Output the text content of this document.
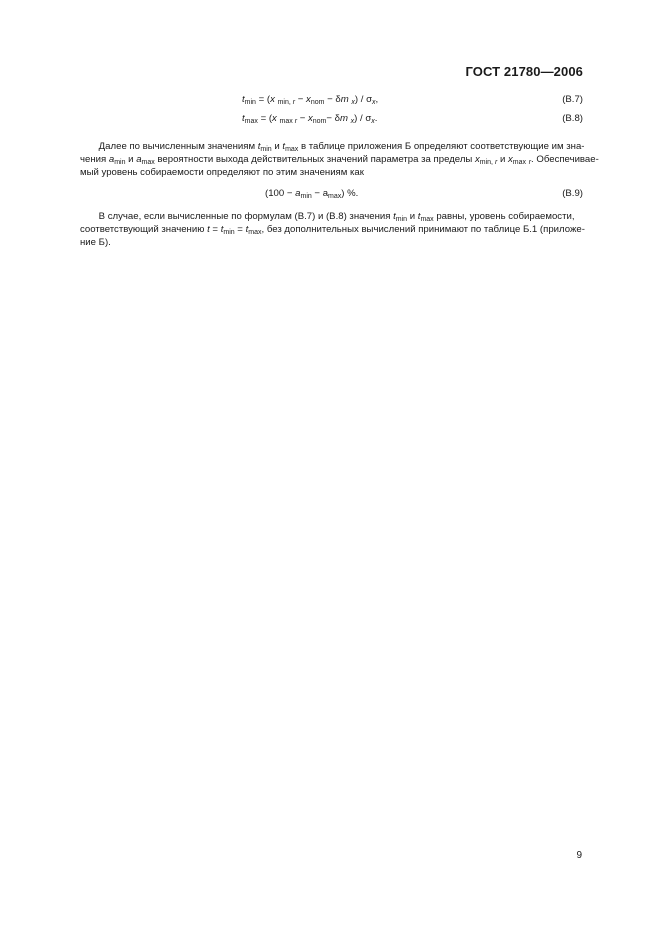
ГОСТ 21780—2006
$t_{min} = (x$ $_{min, r} - x_{nom} - \delta m$ $_x) / \sigma_x$,	(В.7)
$t_{max} = (x$ $_{max r} - x_{nom}- \delta m$ $_x) / \sigma_x$.	(В.8)
Далее по вычисленным значениям $t_{min}$ и $t_{max}$ в таблице приложения Б определяют соответствующие им зна-
чения $a_{min}$ и $a_{max}$ вероятности выхода действительных значений параметра за пределы $x_{min, r}$ и $x_{max}$ $_r$. Обеспечивае-
мый уровень собираемости определяют по этим значениям как
$(100 - a_{min} - a_{max})$ %.	(В.9)
В случае, если вычисленные по формулам (В.7) и (В.8) значения $t_{min}$ и $t_{max}$ равны, уровень собираемости,
соответствующий значению $t = t_{min} = t_{max}$, без дополнительных вычислений принимают по таблице Б.1 (приложе-
ние Б).
9
